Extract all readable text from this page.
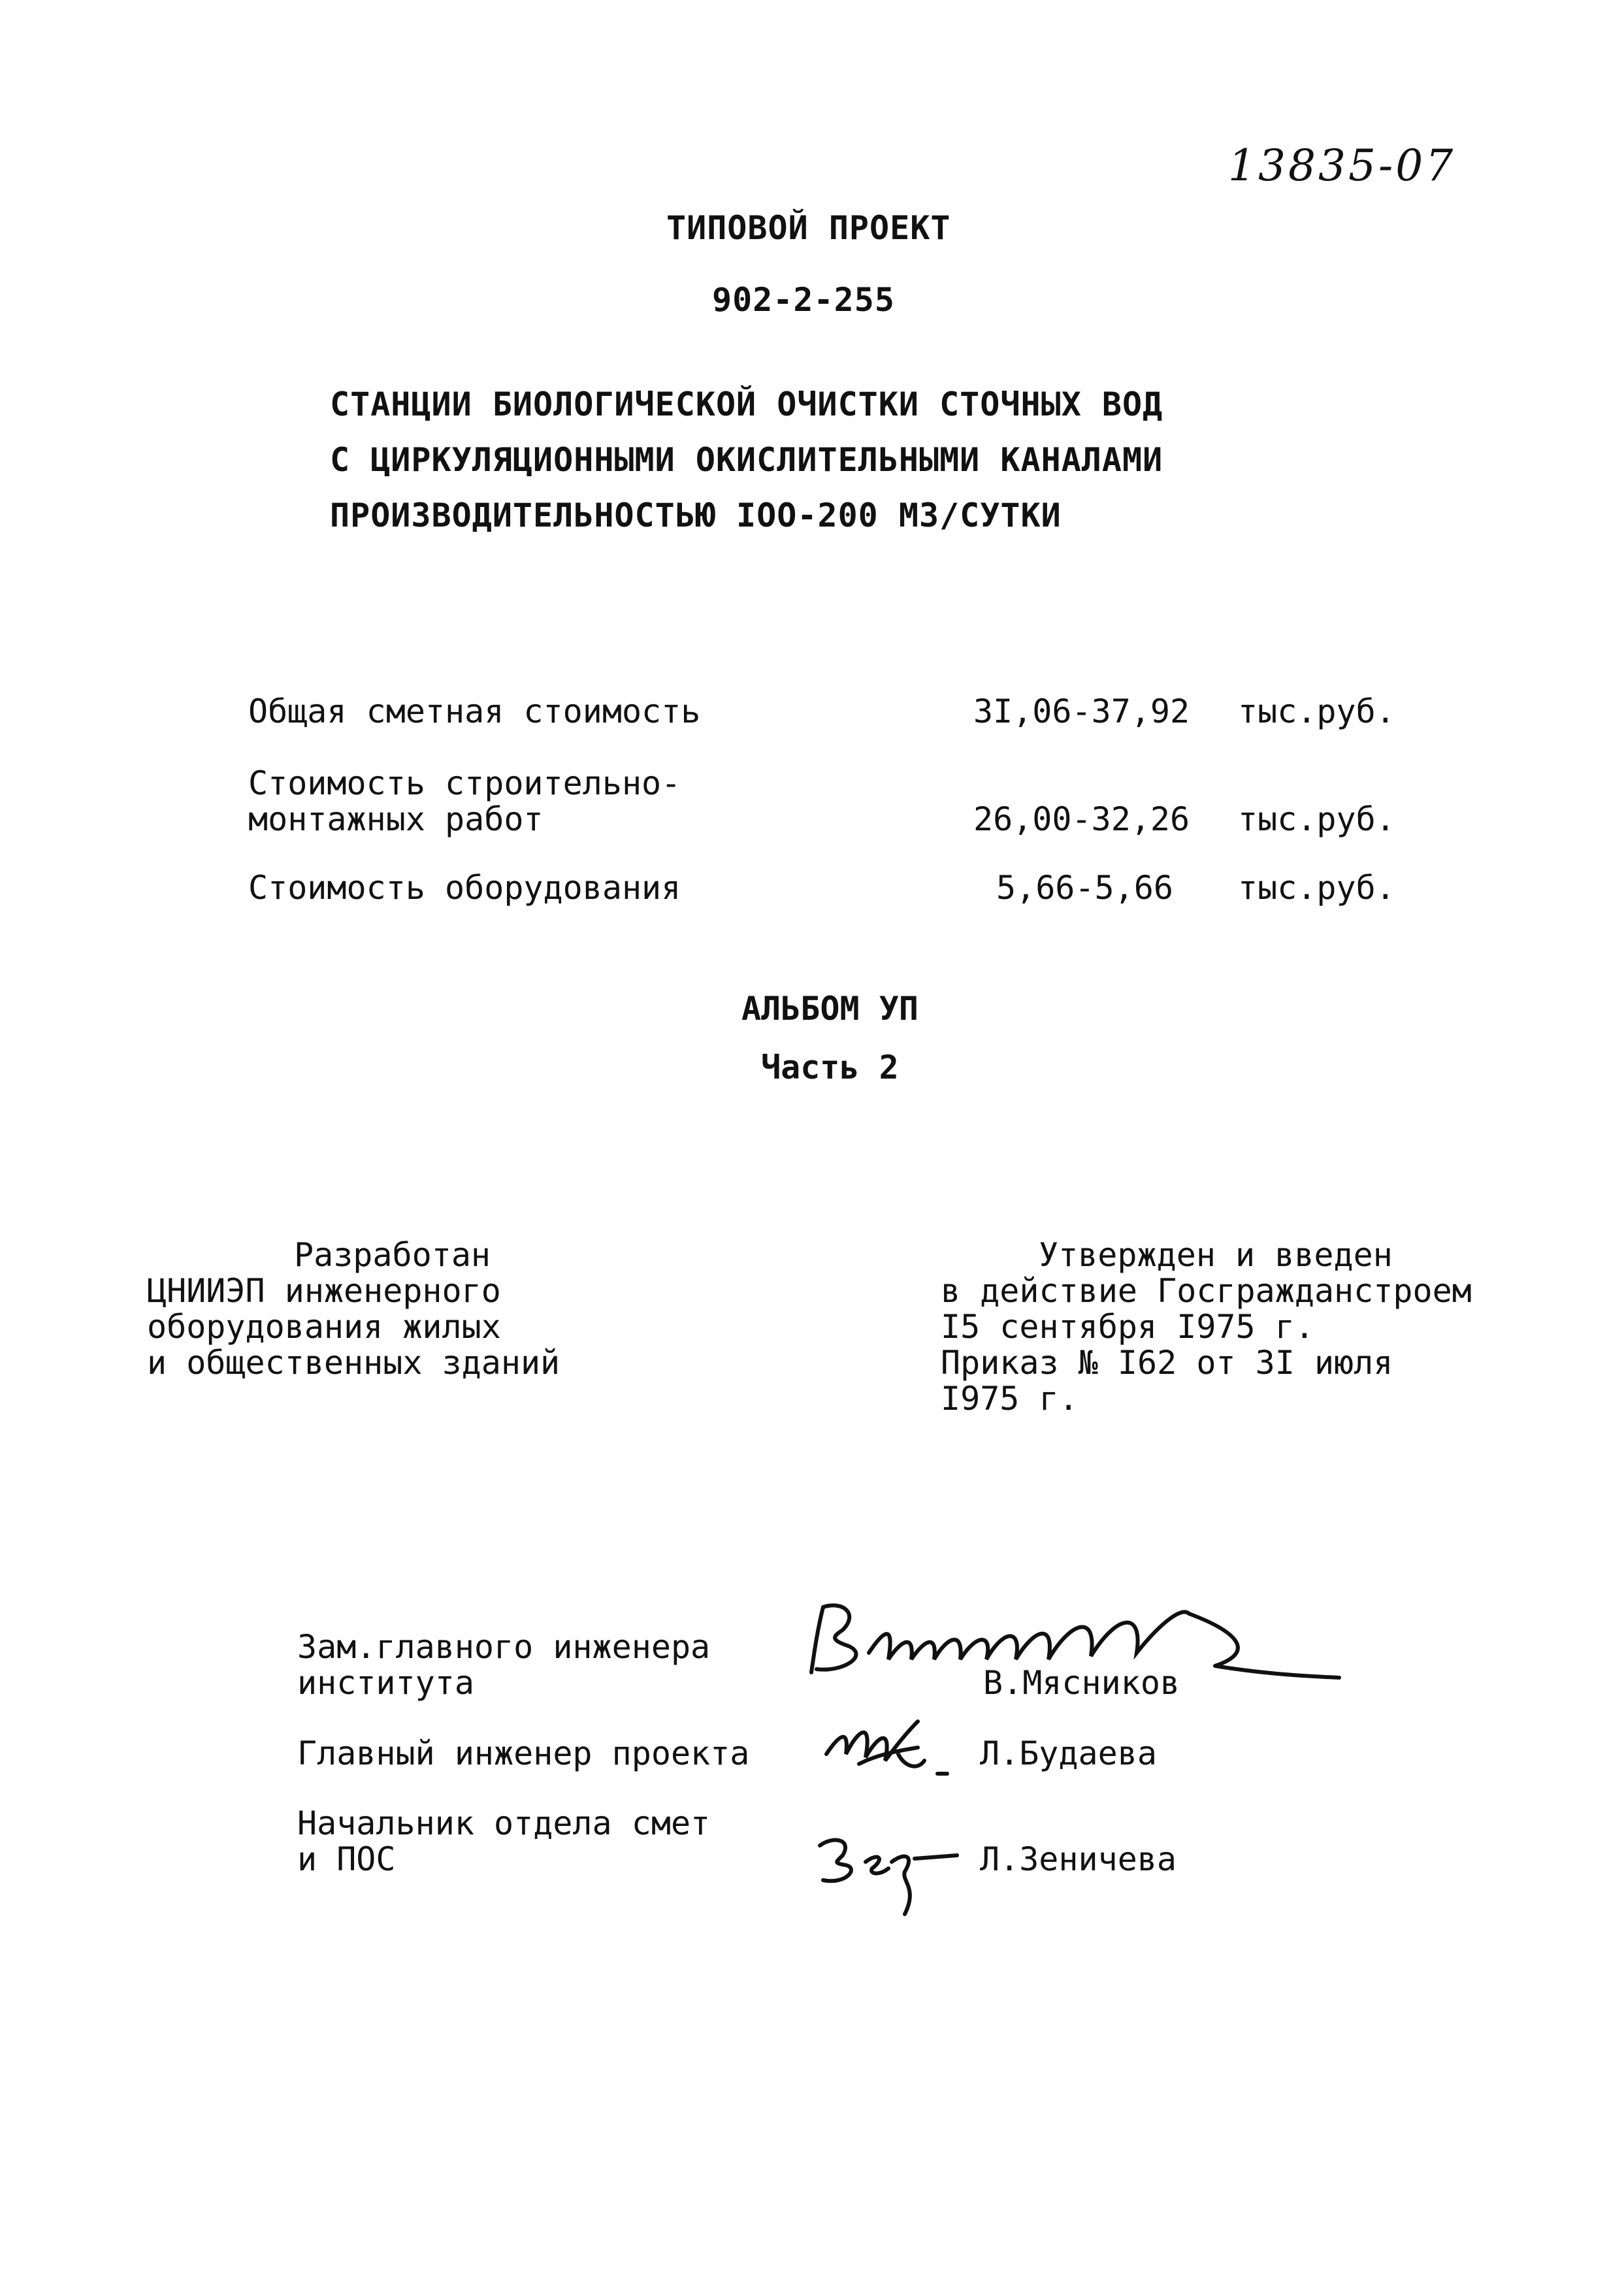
13835-07
ТИПОВОЙ ПРОЕКТ
902-2-255
СТАНЦИИ БИОЛОГИЧЕСКОЙ ОЧИСТКИ СТОЧНЫХ ВОД
С ЦИРКУЛЯЦИОННЫМИ ОКИСЛИТЕЛЬНЫМИ КАНАЛАМИ
ПРОИЗВОДИТЕЛЬНОСТЬЮ IOO-200 М3/СУТКИ
Общая сметная стоимость	3I,06-37,92 тыс.руб.
Стоимость строительно-
монтажных работ	26,00-32,26 тыс.руб.
Стоимость оборудования	5,66-5,66 тыс.руб.
АЛЬБОМ УП
Часть 2
Разработан
ЦНИИЭП инженерного
оборудования жилых
и общественных зданий
Утвержден и введен
в действие Госгражданстроем
I5 сентября I975 г.
Приказ № I62 от 3I июля
I975 г.
Зам.главного инженера
института	В.Мясников
Главный инженер проекта	Л.Будаева
Начальник отдела смет
и ПОС	Л.Зеничева
